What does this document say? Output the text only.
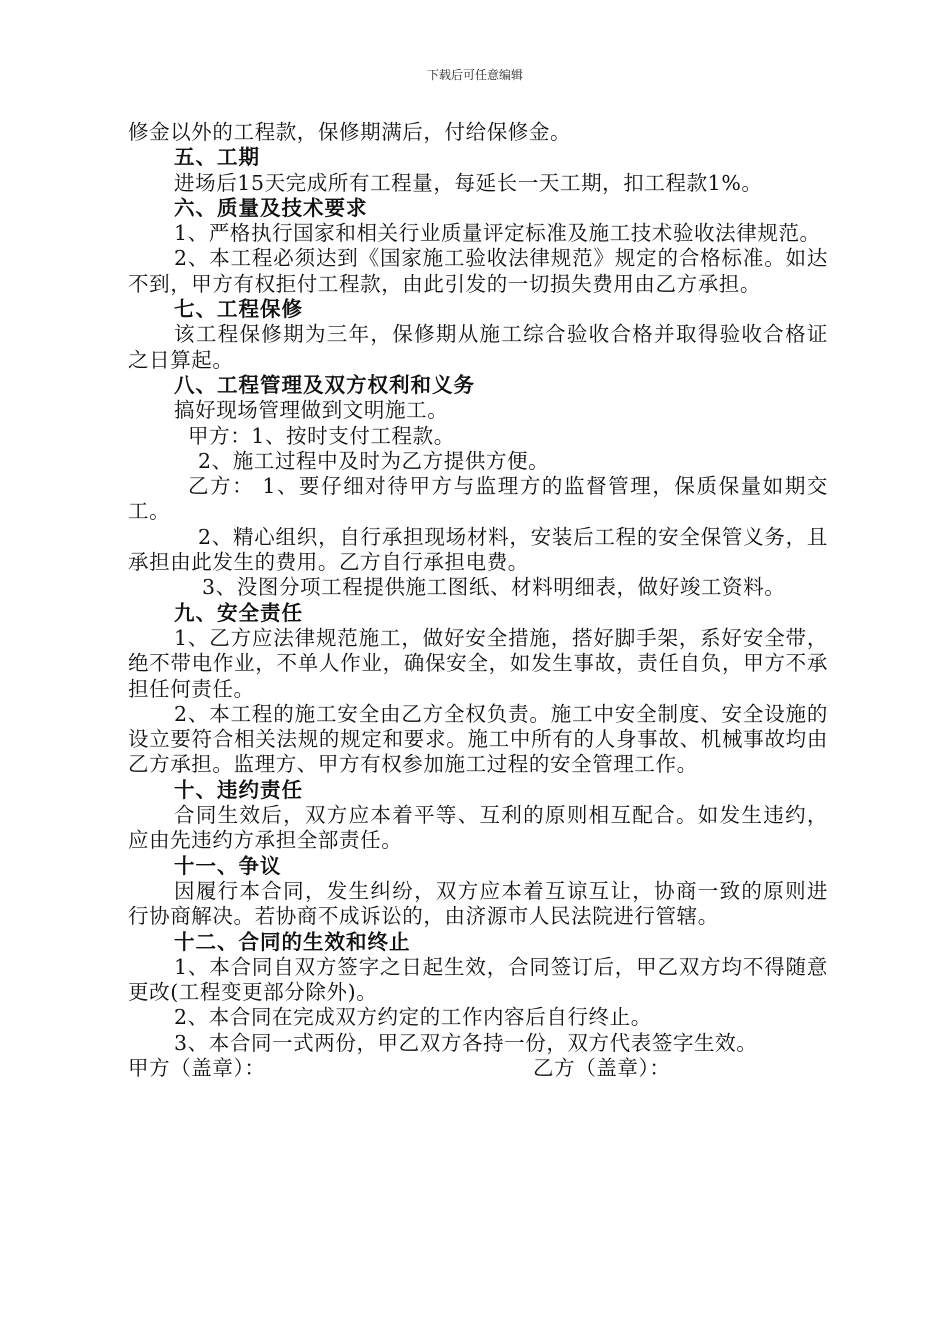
下载后可任意编辑

修金以外的工程款，保修期满后，付给保修金。

五、工期

进场后15天完成所有工程量，每延长一天工期，扣工程款1%。

六、质量及技术要求

1、严格执行国家和相关行业质量评定标准及施工技术验收法律规范。

2、本工程必须达到《国家施工验收法律规范》规定的合格标准。如达不到，甲方有权拒付工程款，由此引发的一切损失费用由乙方承担。

七、工程保修

该工程保修期为三年，保修期从施工综合验收合格并取得验收合格证之日算起。

八、工程管理及双方权利和义务

搞好现场管理做到文明施工。

甲方：1、按时支付工程款。

2、施工过程中及时为乙方提供方便。

乙方： 1、要仔细对待甲方与监理方的监督管理，保质保量如期交工。

2、精心组织，自行承担现场材料，安装后工程的安全保管义务，且承担由此发生的费用。乙方自行承担电费。

3、没图分项工程提供施工图纸、材料明细表，做好竣工资料。

九、安全责任

1、乙方应法律规范施工，做好安全措施，搭好脚手架，系好安全带，绝不带电作业，不单人作业，确保安全，如发生事故，责任自负，甲方不承担任何责任。

2、本工程的施工安全由乙方全权负责。施工中安全制度、安全设施的设立要符合相关法规的规定和要求。施工中所有的人身事故、机械事故均由乙方承担。监理方、甲方有权参加施工过程的安全管理工作。

十、违约责任

合同生效后，双方应本着平等、互利的原则相互配合。如发生违约，应由先违约方承担全部责任。

十一、争议

因履行本合同，发生纠纷，双方应本着互谅互让，协商一致的原则进行协商解决。若协商不成诉讼的，由济源市人民法院进行管辖。

十二、合同的生效和终止

1、本合同自双方签字之日起生效，合同签订后，甲乙双方均不得随意更改(工程变更部分除外)。

2、本合同在完成双方约定的工作内容后自行终止。

3、本合同一式两份，甲乙双方各持一份，双方代表签字生效。

甲方（盖章）：	乙方（盖章）：
